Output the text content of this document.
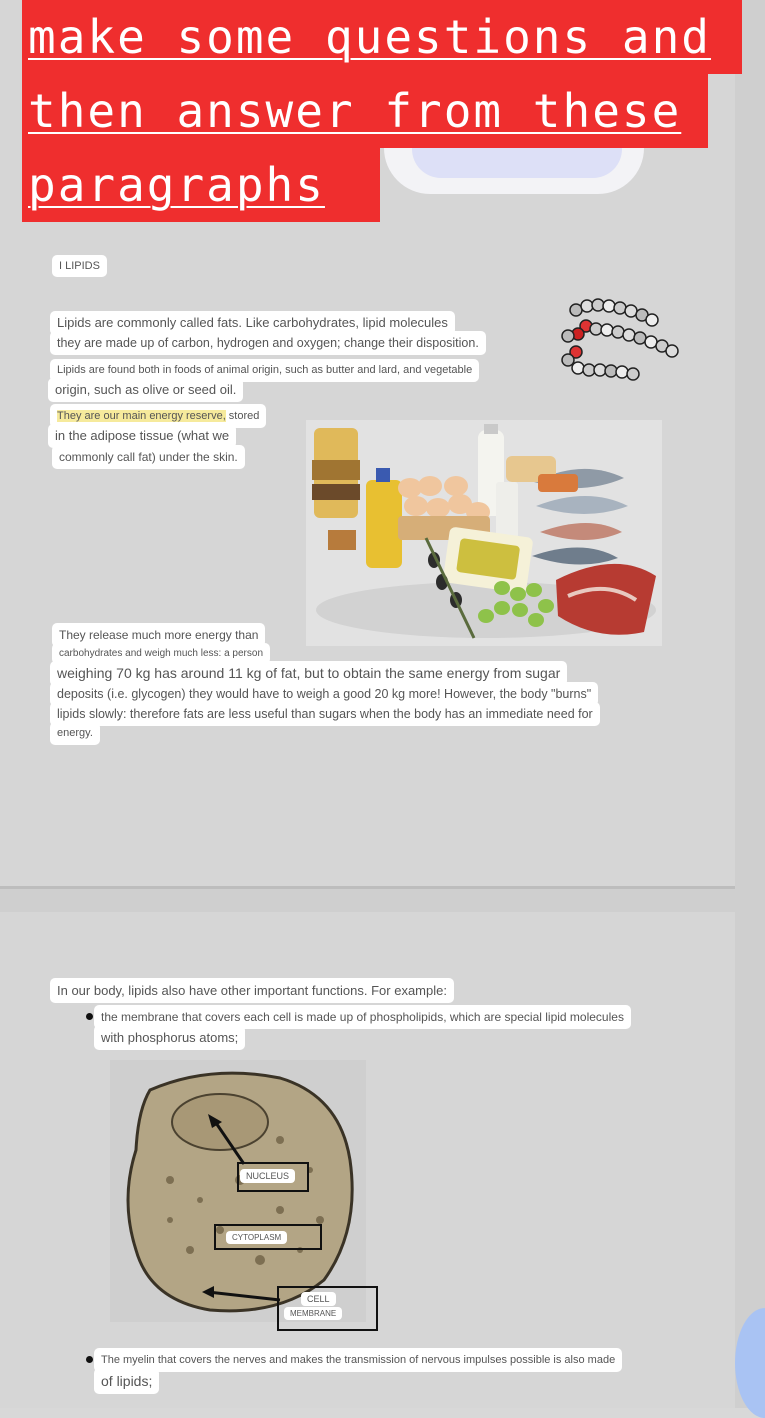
make some questions and
then answer from these
paragraphs
I LIPIDS
Lipids are commonly called fats. Like carbohydrates, lipid molecules
they are made up of carbon, hydrogen and oxygen; change their disposition.
Lipids are found both in foods of animal origin, such as butter and lard, and vegetable
origin, such as olive or seed oil.
They are our main energy reserve, stored
in the adipose tissue (what we
commonly call fat) under the skin.
They release much more energy than
carbohydrates and weigh much less: a person
weighing 70 kg has around 11 kg of fat, but to obtain the same energy from sugar
deposits (i.e. glycogen) they would have to weigh a good 20 kg more! However, the body "burns"
lipids slowly: therefore fats are less useful than sugars when the body has an immediate need for
energy.
In our body, lipids also have other important functions. For example:
the membrane that covers each cell is made up of phospholipids, which are special lipid molecules
with phosphorus atoms;
NUCLEUS
CYTOPLASM
CELL
MEMBRANE
The myelin that covers the nerves and makes the transmission of nervous impulses possible is also made
of lipids;
